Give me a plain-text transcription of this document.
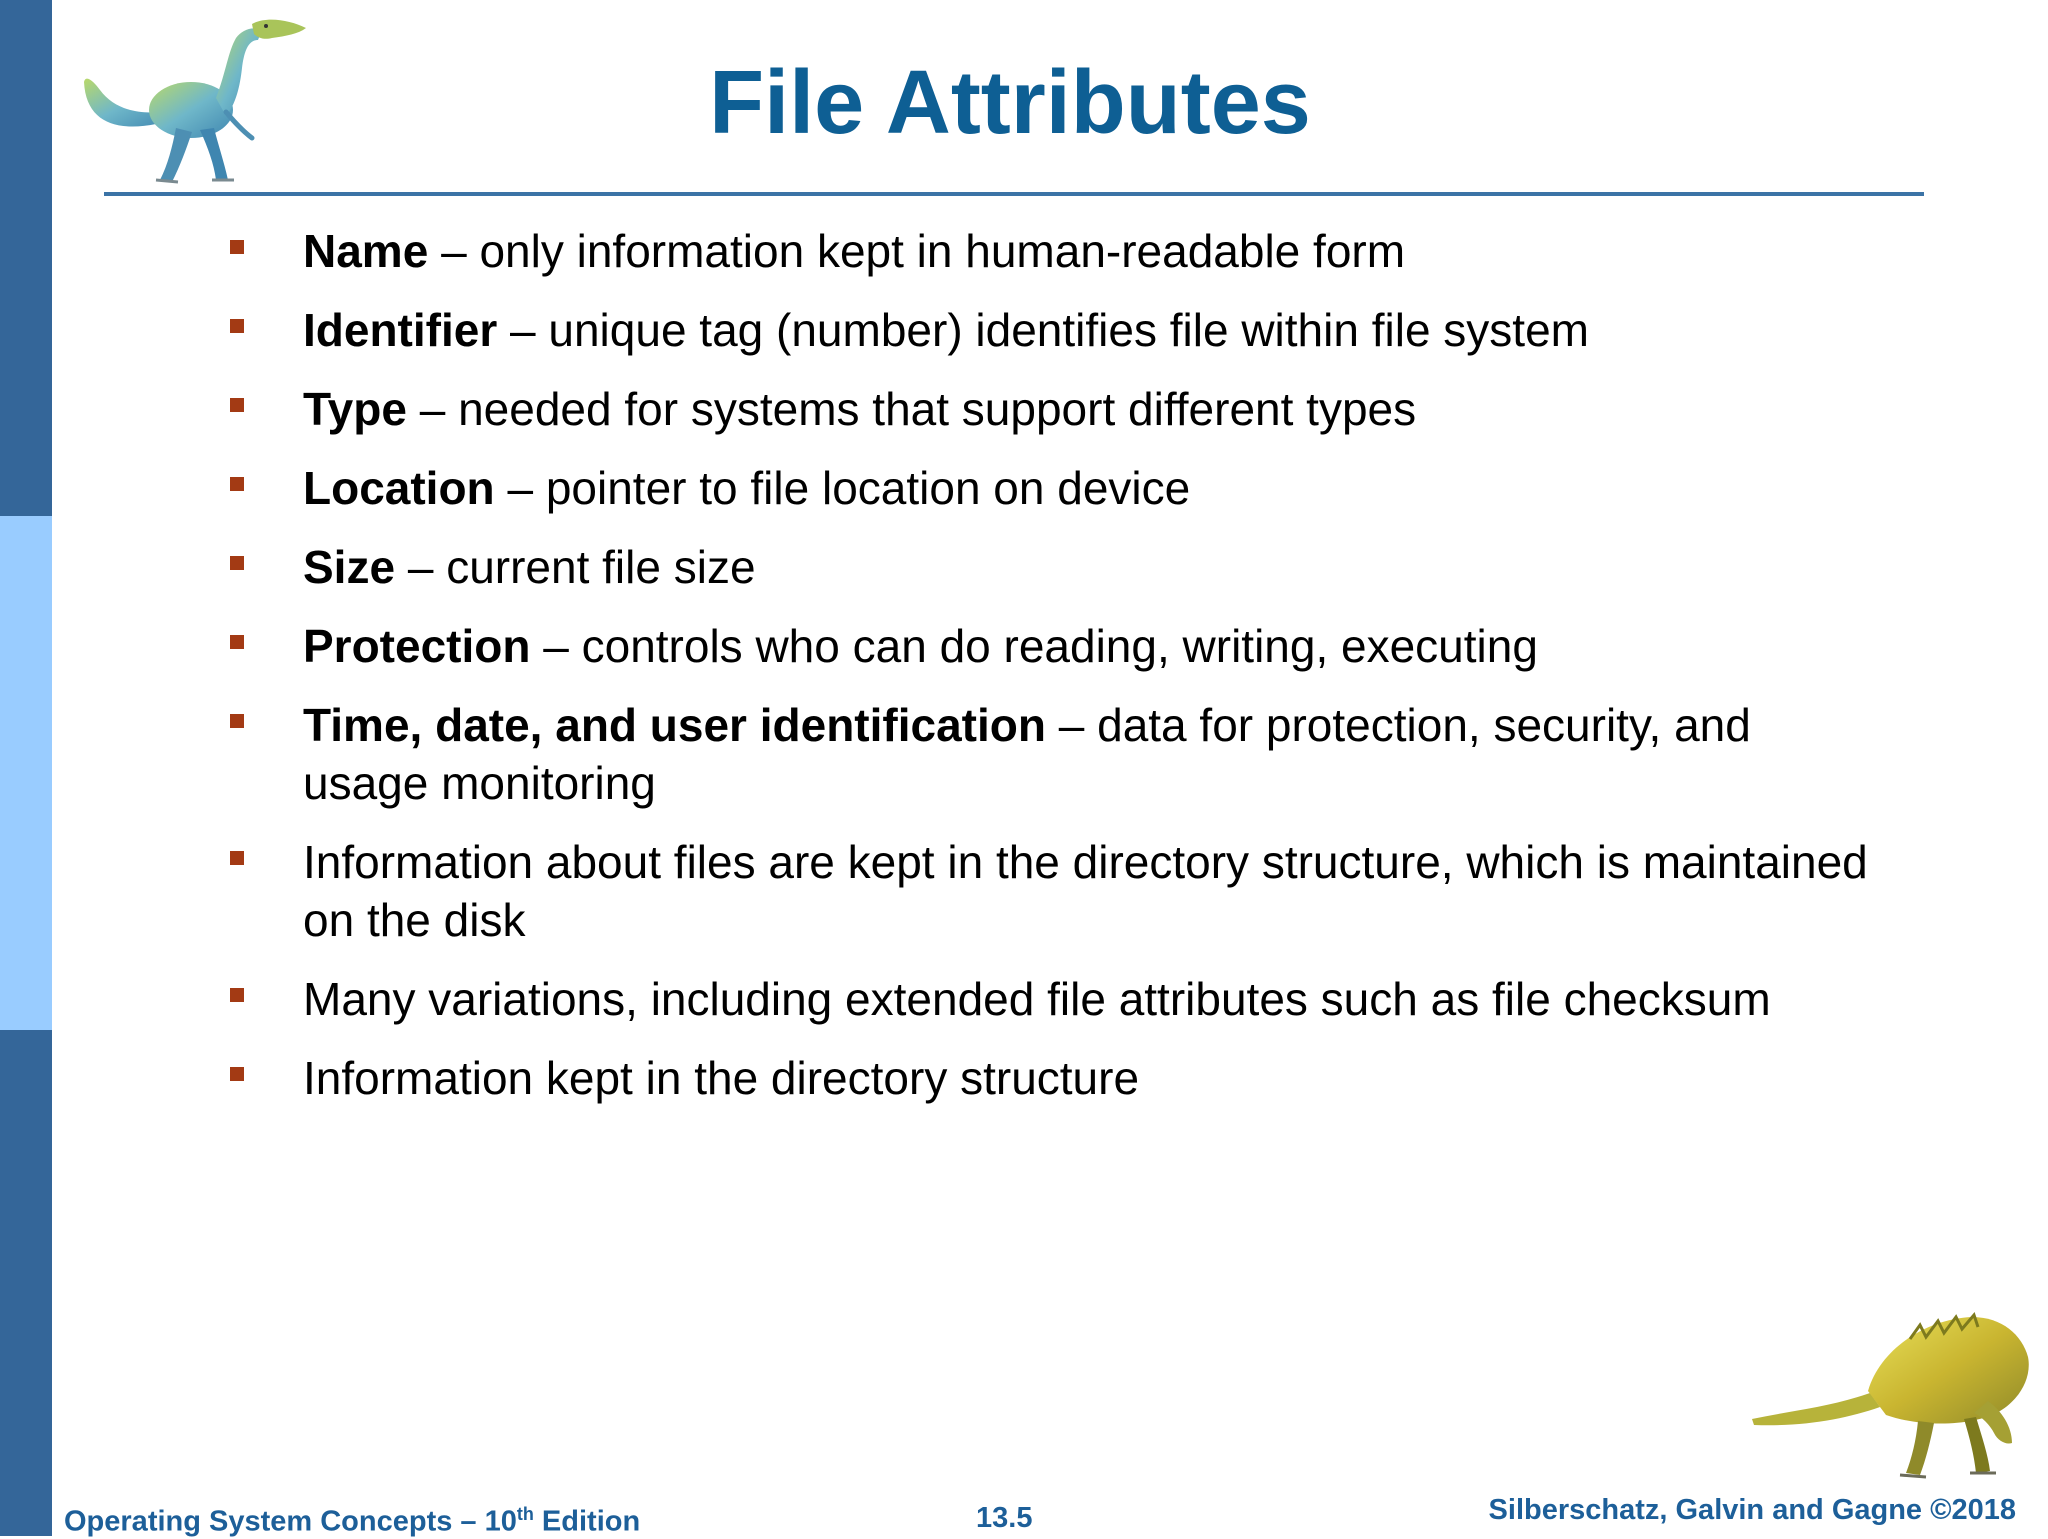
File Attributes
Name – only information kept in human-readable form
Identifier – unique tag (number) identifies file within file system
Type – needed for systems that support different types
Location – pointer to file location on device
Size – current file size
Protection – controls who can do reading, writing, executing
Time, date, and user identification – data for protection, security, and usage monitoring
Information about files are kept in the directory structure, which is maintained on the disk
Many variations, including extended file attributes such as file checksum
Information kept in the directory structure
Operating System Concepts – 10th Edition	13.5	Silberschatz, Galvin and Gagne ©2018
